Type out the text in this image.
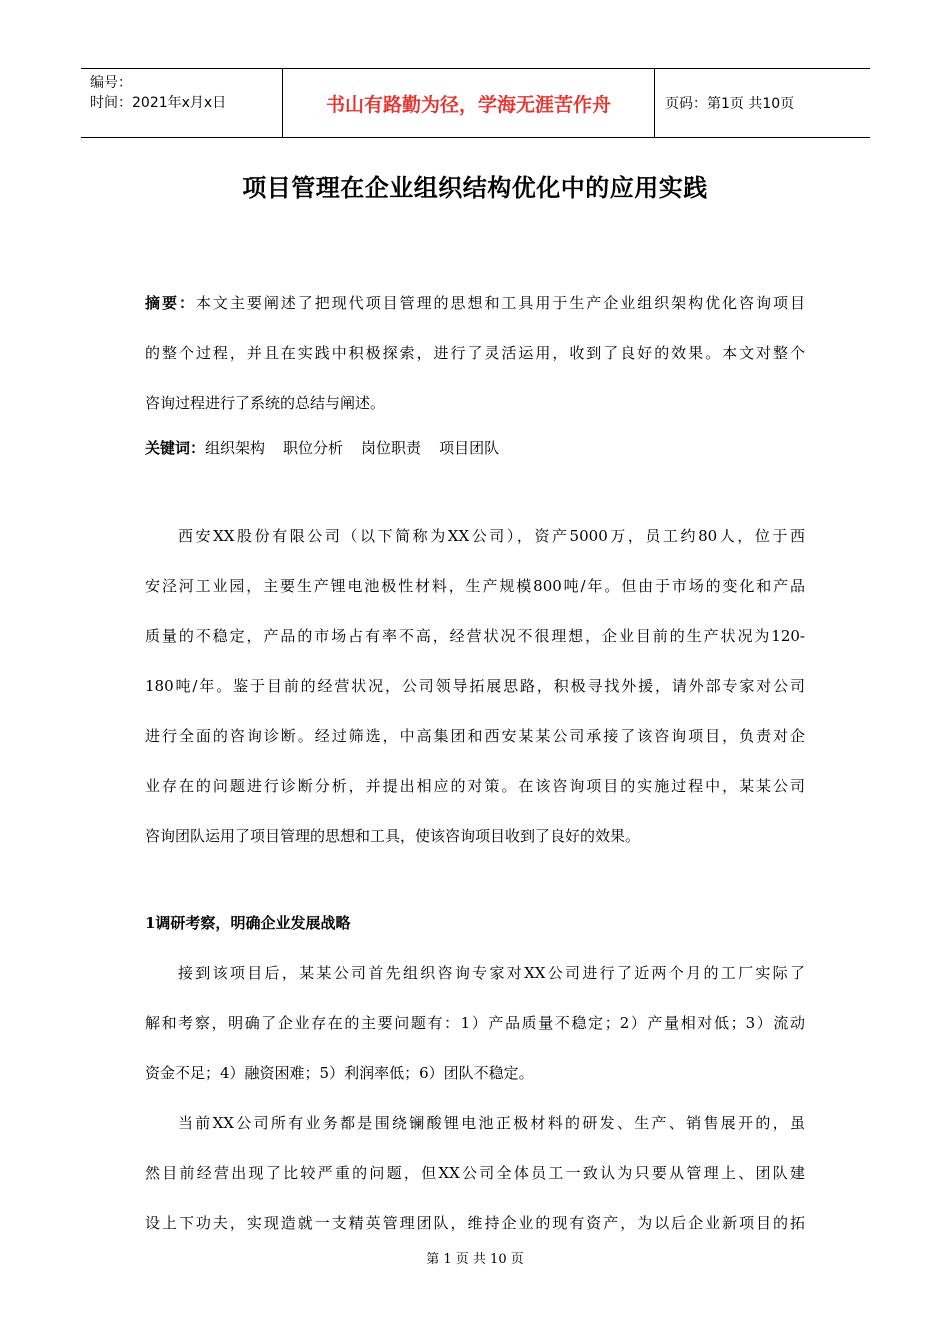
编号：
时间：2021年x月x日	书山有路勤为径，学海无涯苦作舟	页码：第1页 共10页
项目管理在企业组织结构优化中的应用实践
摘要：本文主要阐述了把现代项目管理的思想和工具用于生产企业组织架构优化咨询项目
的整个过程，并且在实践中积极探索，进行了灵活运用，收到了良好的效果。本文对整个
咨询过程进行了系统的总结与阐述。
关键词：组织架构 职位分析 岗位职责 项目团队
西安XX股份有限公司（以下简称为XX公司），资产5000万，员工约80人，位于西
安泾河工业园，主要生产锂电池极性材料，生产规模800吨/年。但由于市场的变化和产品
质量的不稳定，产品的市场占有率不高，经营状况不很理想，企业目前的生产状况为120-
180吨/年。鉴于目前的经营状况，公司领导拓展思路，积极寻找外援，请外部专家对公司
进行全面的咨询诊断。经过筛选，中高集团和西安某某公司承接了该咨询项目，负责对企
业存在的问题进行诊断分析，并提出相应的对策。在该咨询项目的实施过程中，某某公司
咨询团队运用了项目管理的思想和工具，使该咨询项目收到了良好的效果。
1调研考察，明确企业发展战略
接到该项目后，某某公司首先组织咨询专家对XX公司进行了近两个月的工厂实际了
解和考察，明确了企业存在的主要问题有：1）产品质量不稳定；2）产量相对低；3）流动
资金不足；4）融资困难；5）利润率低；6）团队不稳定。
当前XX公司所有业务都是围绕镧酸锂电池正极材料的研发、生产、销售展开的，虽
然目前经营出现了比较严重的问题，但XX公司全体员工一致认为只要从管理上、团队建
设上下功夫，实现造就一支精英管理团队，维持企业的现有资产，为以后企业新项目的拓
第 1 页 共 10 页
